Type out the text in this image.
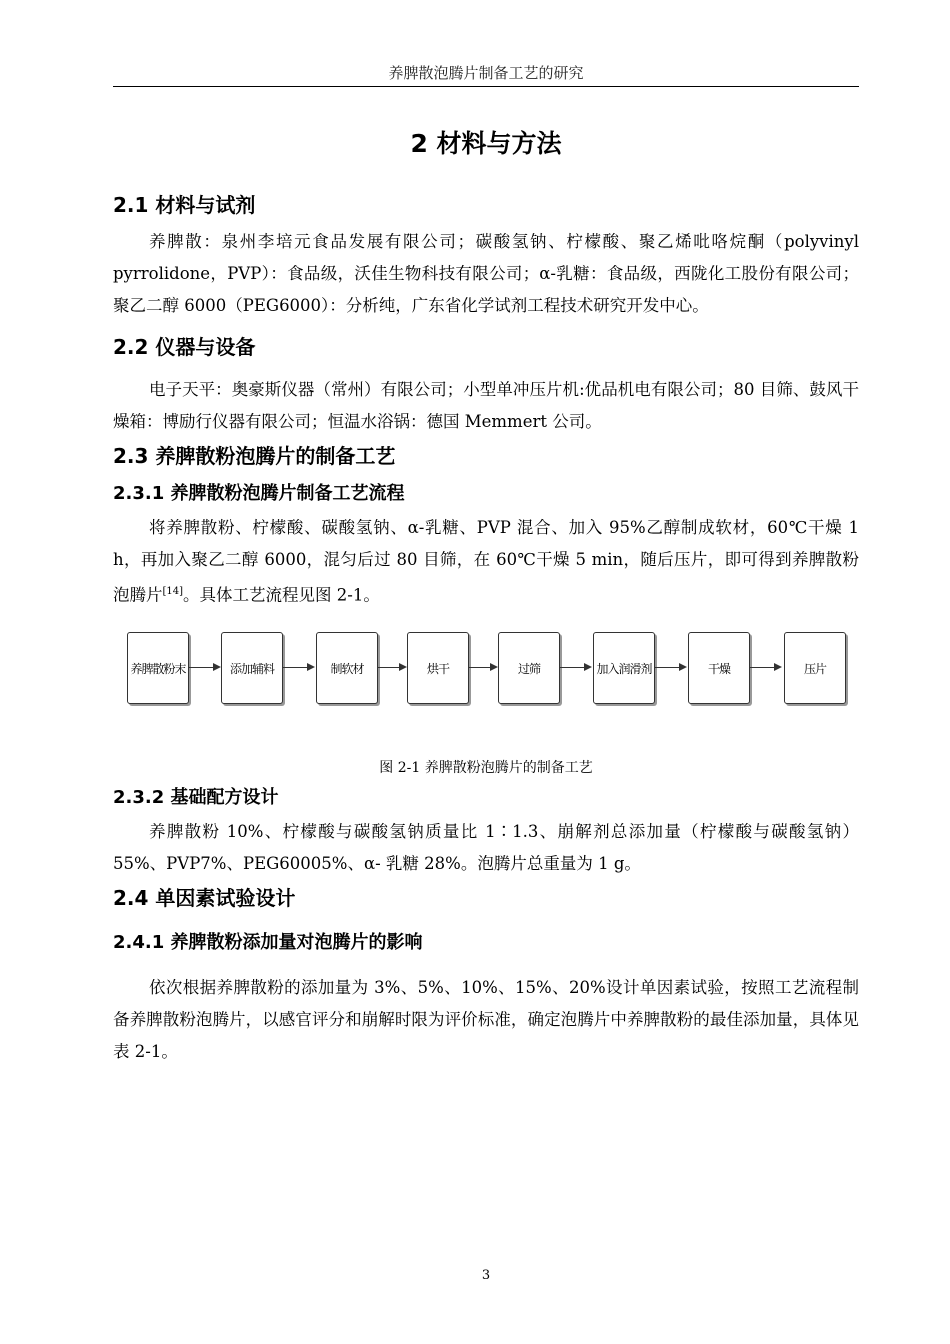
养脾散泡腾片制备工艺的研究
2 材料与方法
2.1 材料与试剂
养脾散：泉州李培元食品发展有限公司；碳酸氢钠、柠檬酸、聚乙烯吡咯烷酮（polyvinyl pyrrolidone，PVP）：食品级，沃佳生物科技有限公司；α-乳糖：食品级，西陇化工股份有限公司；聚乙二醇 6000（PEG6000）：分析纯，广东省化学试剂工程技术研究开发中心。
2.2 仪器与设备
电子天平：奥豪斯仪器（常州）有限公司；小型单冲压片机:优品机电有限公司；80 目筛、鼓风干燥箱：博励行仪器有限公司；恒温水浴锅：德国 Memmert 公司。
2.3 养脾散粉泡腾片的制备工艺
2.3.1 养脾散粉泡腾片制备工艺流程
将养脾散粉、柠檬酸、碳酸氢钠、α-乳糖、PVP 混合、加入 95%乙醇制成软材，60℃干燥 1 h，再加入聚乙二醇 6000，混匀后过 80 目筛，在 60℃干燥 5 min，随后压片，即可得到养脾散粉泡腾片[14]。具体工艺流程见图 2-1。
养脾散粉末	添加辅料	制软材	烘干	过筛	加入润滑剂	干燥	压片
图 2-1 养脾散粉泡腾片的制备工艺
2.3.2 基础配方设计
养脾散粉 10%、柠檬酸与碳酸氢钠质量比 1∶1.3、崩解剂总添加量（柠檬酸与碳酸氢钠）55%、PVP7%、PEG60005%、α- 乳糖 28%。泡腾片总重量为 1 g。
2.4 单因素试验设计
2.4.1 养脾散粉添加量对泡腾片的影响
依次根据养脾散粉的添加量为 3%、5%、10%、15%、20%设计单因素试验，按照工艺流程制备养脾散粉泡腾片，以感官评分和崩解时限为评价标准，确定泡腾片中养脾散粉的最佳添加量，具体见表 2-1。
3
